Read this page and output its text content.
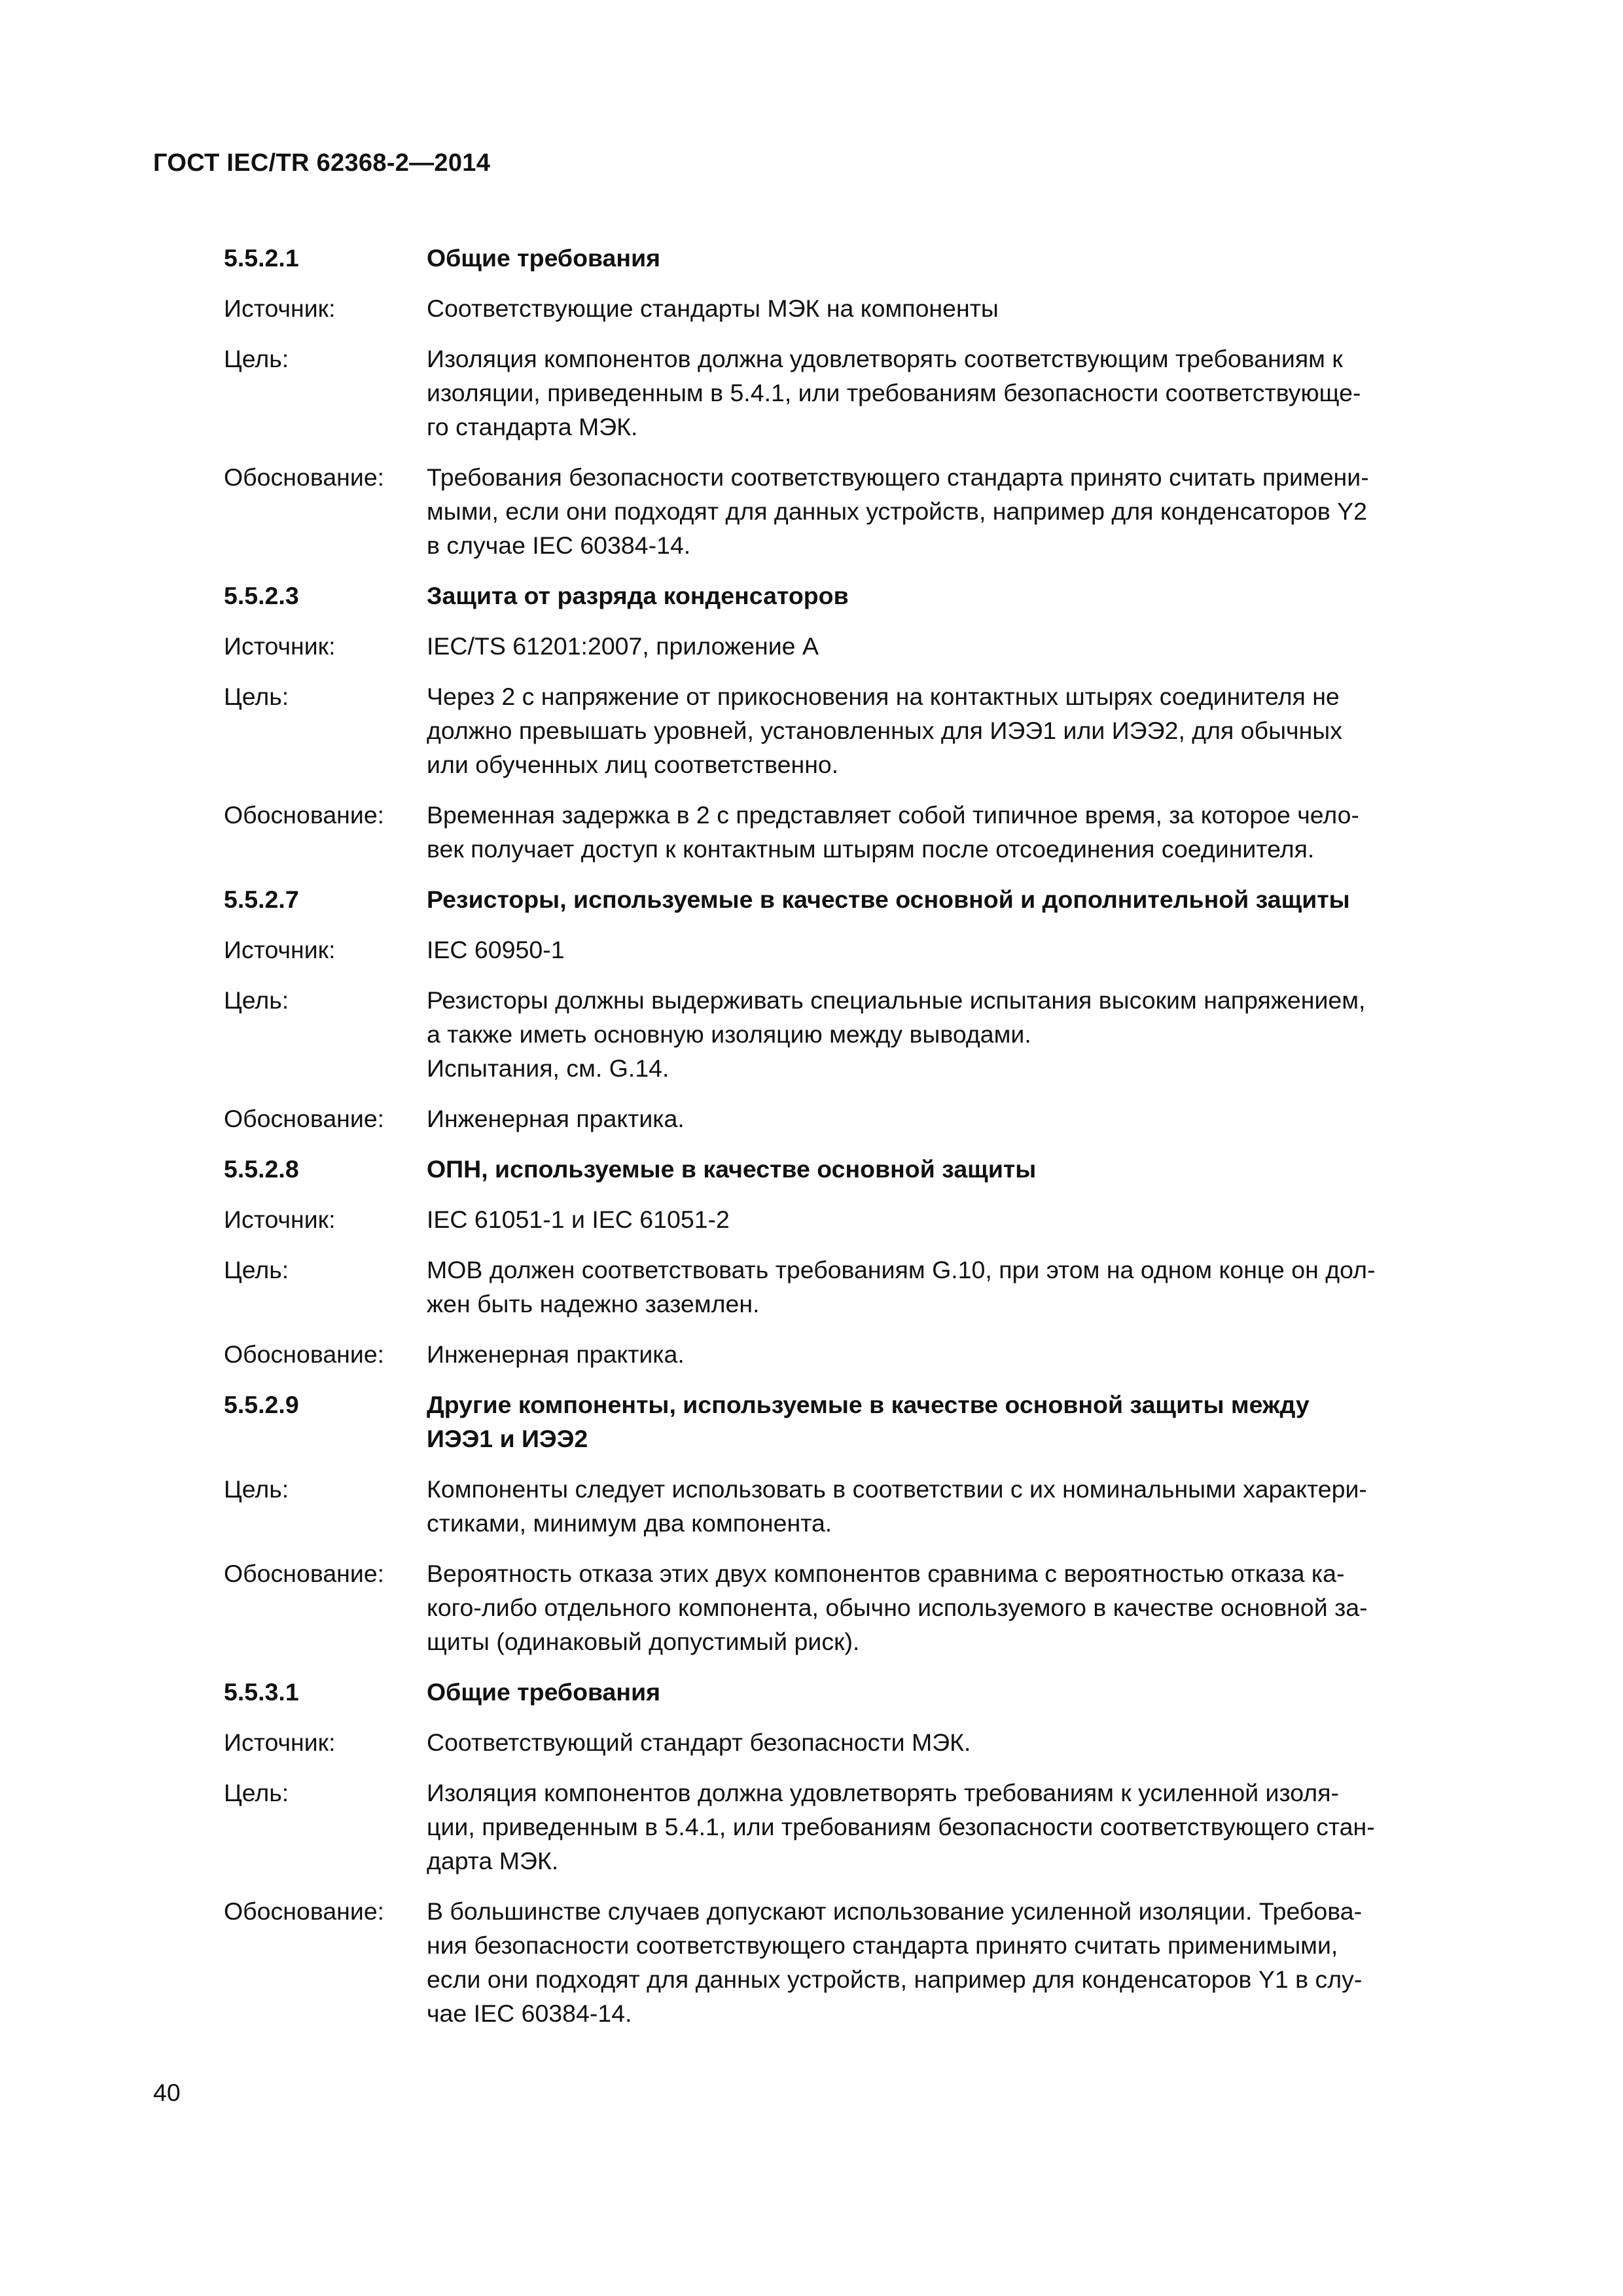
ГОСТ IEC/TR 62368-2—2014
5.5.2.1	Общие требования
Источник:	Соответствующие стандарты МЭК на компоненты
Цель:	Изоляция компонентов должна удовлетворять соответствующим требованиям к
изоляции, приведенным в 5.4.1, или требованиям безопасности соответствующе-
го стандарта МЭК.
Обоснование:	Требования безопасности соответствующего стандарта принято считать примени-
мыми, если они подходят для данных устройств, например для конденсаторов Y2
в случае IEC 60384-14.
5.5.2.3	Защита от разряда конденсаторов
Источник:	IEC/TS 61201:2007, приложение А
Цель:	Через 2 с напряжение от прикосновения на контактных штырях соединителя не
должно превышать уровней, установленных для ИЭЭ1 или ИЭЭ2, для обычных
или обученных лиц соответственно.
Обоснование:	Временная задержка в 2 с представляет собой типичное время, за которое чело-
век получает доступ к контактным штырям после отсоединения соединителя.
5.5.2.7	Резисторы, используемые в качестве основной и дополнительной защиты
Источник:	IEC 60950-1
Цель:	Резисторы должны выдерживать специальные испытания высоким напряжением,
а также иметь основную изоляцию между выводами.
Испытания, см. G.14.
Обоснование:	Инженерная практика.
5.5.2.8	ОПН, используемые в качестве основной защиты
Источник:	IEC 61051-1 и IEC 61051-2
Цель:	MOB должен соответствовать требованиям G.10, при этом на одном конце он дол-
жен быть надежно заземлен.
Обоснование:	Инженерная практика.
5.5.2.9	Другие компоненты, используемые в качестве основной защиты между
ИЭЭ1 и ИЭЭ2
Цель:	Компоненты следует использовать в соответствии с их номинальными характери-
стиками, минимум два компонента.
Обоснование:	Вероятность отказа этих двух компонентов сравнима с вероятностью отказа ка-
кого-либо отдельного компонента, обычно используемого в качестве основной за-
щиты (одинаковый допустимый риск).
5.5.3.1	Общие требования
Источник:	Соответствующий стандарт безопасности МЭК.
Цель:	Изоляция компонентов должна удовлетворять требованиям к усиленной изоля-
ции, приведенным в 5.4.1, или требованиям безопасности соответствующего стан-
дарта МЭК.
Обоснование:	В большинстве случаев допускают использование усиленной изоляции. Требова-
ния безопасности соответствующего стандарта принято считать применимыми,
если они подходят для данных устройств, например для конденсаторов Y1 в слу-
чае IEC 60384-14.
40
